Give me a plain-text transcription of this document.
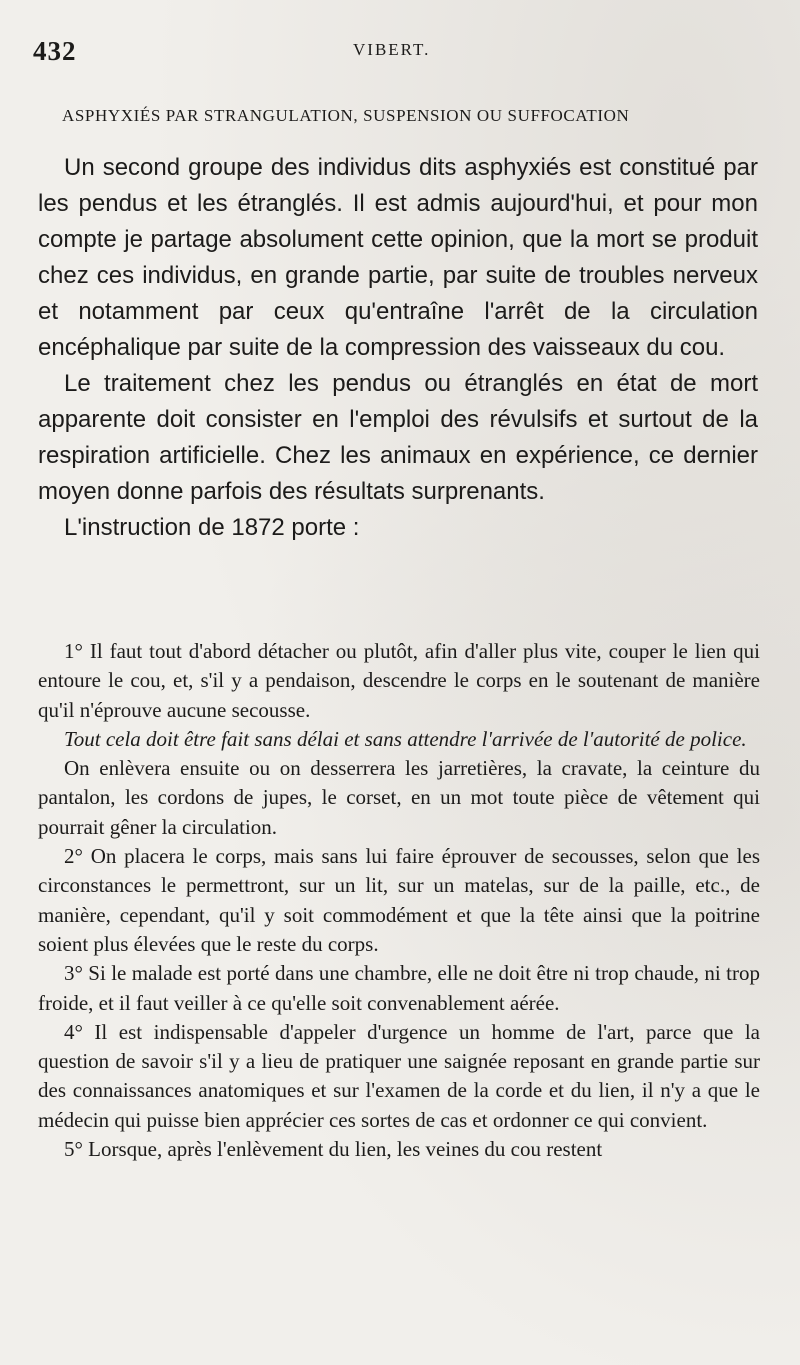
432	VIBERT.
ASPHYXIÉS PAR STRANGULATION, SUSPENSION OU SUFFOCATION

Un second groupe des individus dits asphyxiés est constitué par les pendus et les étranglés. Il est admis aujourd'hui, et pour mon compte je partage absolument cette opinion, que la mort se produit chez ces individus, en grande partie, par suite de troubles nerveux et notamment par ceux qu'entraîne l'arrêt de la circulation encéphalique par suite de la compression des vaisseaux du cou.

Le traitement chez les pendus ou étranglés en état de mort apparente doit consister en l'emploi des révulsifs et surtout de la respiration artificielle. Chez les animaux en expérience, ce dernier moyen donne parfois des résultats surprenants.

L'instruction de 1872 porte :

1° Il faut tout d'abord détacher ou plutôt, afin d'aller plus vite, couper le lien qui entoure le cou, et, s'il y a pendaison, descendre le corps en le soutenant de manière qu'il n'éprouve aucune secousse.

Tout cela doit être fait sans délai et sans attendre l'arrivée de l'autorité de police.

On enlèvera ensuite ou on desserrera les jarretières, la cravate, la ceinture du pantalon, les cordons de jupes, le corset, en un mot toute pièce de vêtement qui pourrait gêner la circulation.

2° On placera le corps, mais sans lui faire éprouver de secousses, selon que les circonstances le permettront, sur un lit, sur un matelas, sur de la paille, etc., de manière, cependant, qu'il y soit commodément et que la tête ainsi que la poitrine soient plus élevées que le reste du corps.

3° Si le malade est porté dans une chambre, elle ne doit être ni trop chaude, ni trop froide, et il faut veiller à ce qu'elle soit convenablement aérée.

4° Il est indispensable d'appeler d'urgence un homme de l'art, parce que la question de savoir s'il y a lieu de pratiquer une saignée reposant en grande partie sur des connaissances anatomiques et sur l'examen de la corde et du lien, il n'y a que le médecin qui puisse bien apprécier ces sortes de cas et ordonner ce qui convient.

5° Lorsque, après l'enlèvement du lien, les veines du cou restent
